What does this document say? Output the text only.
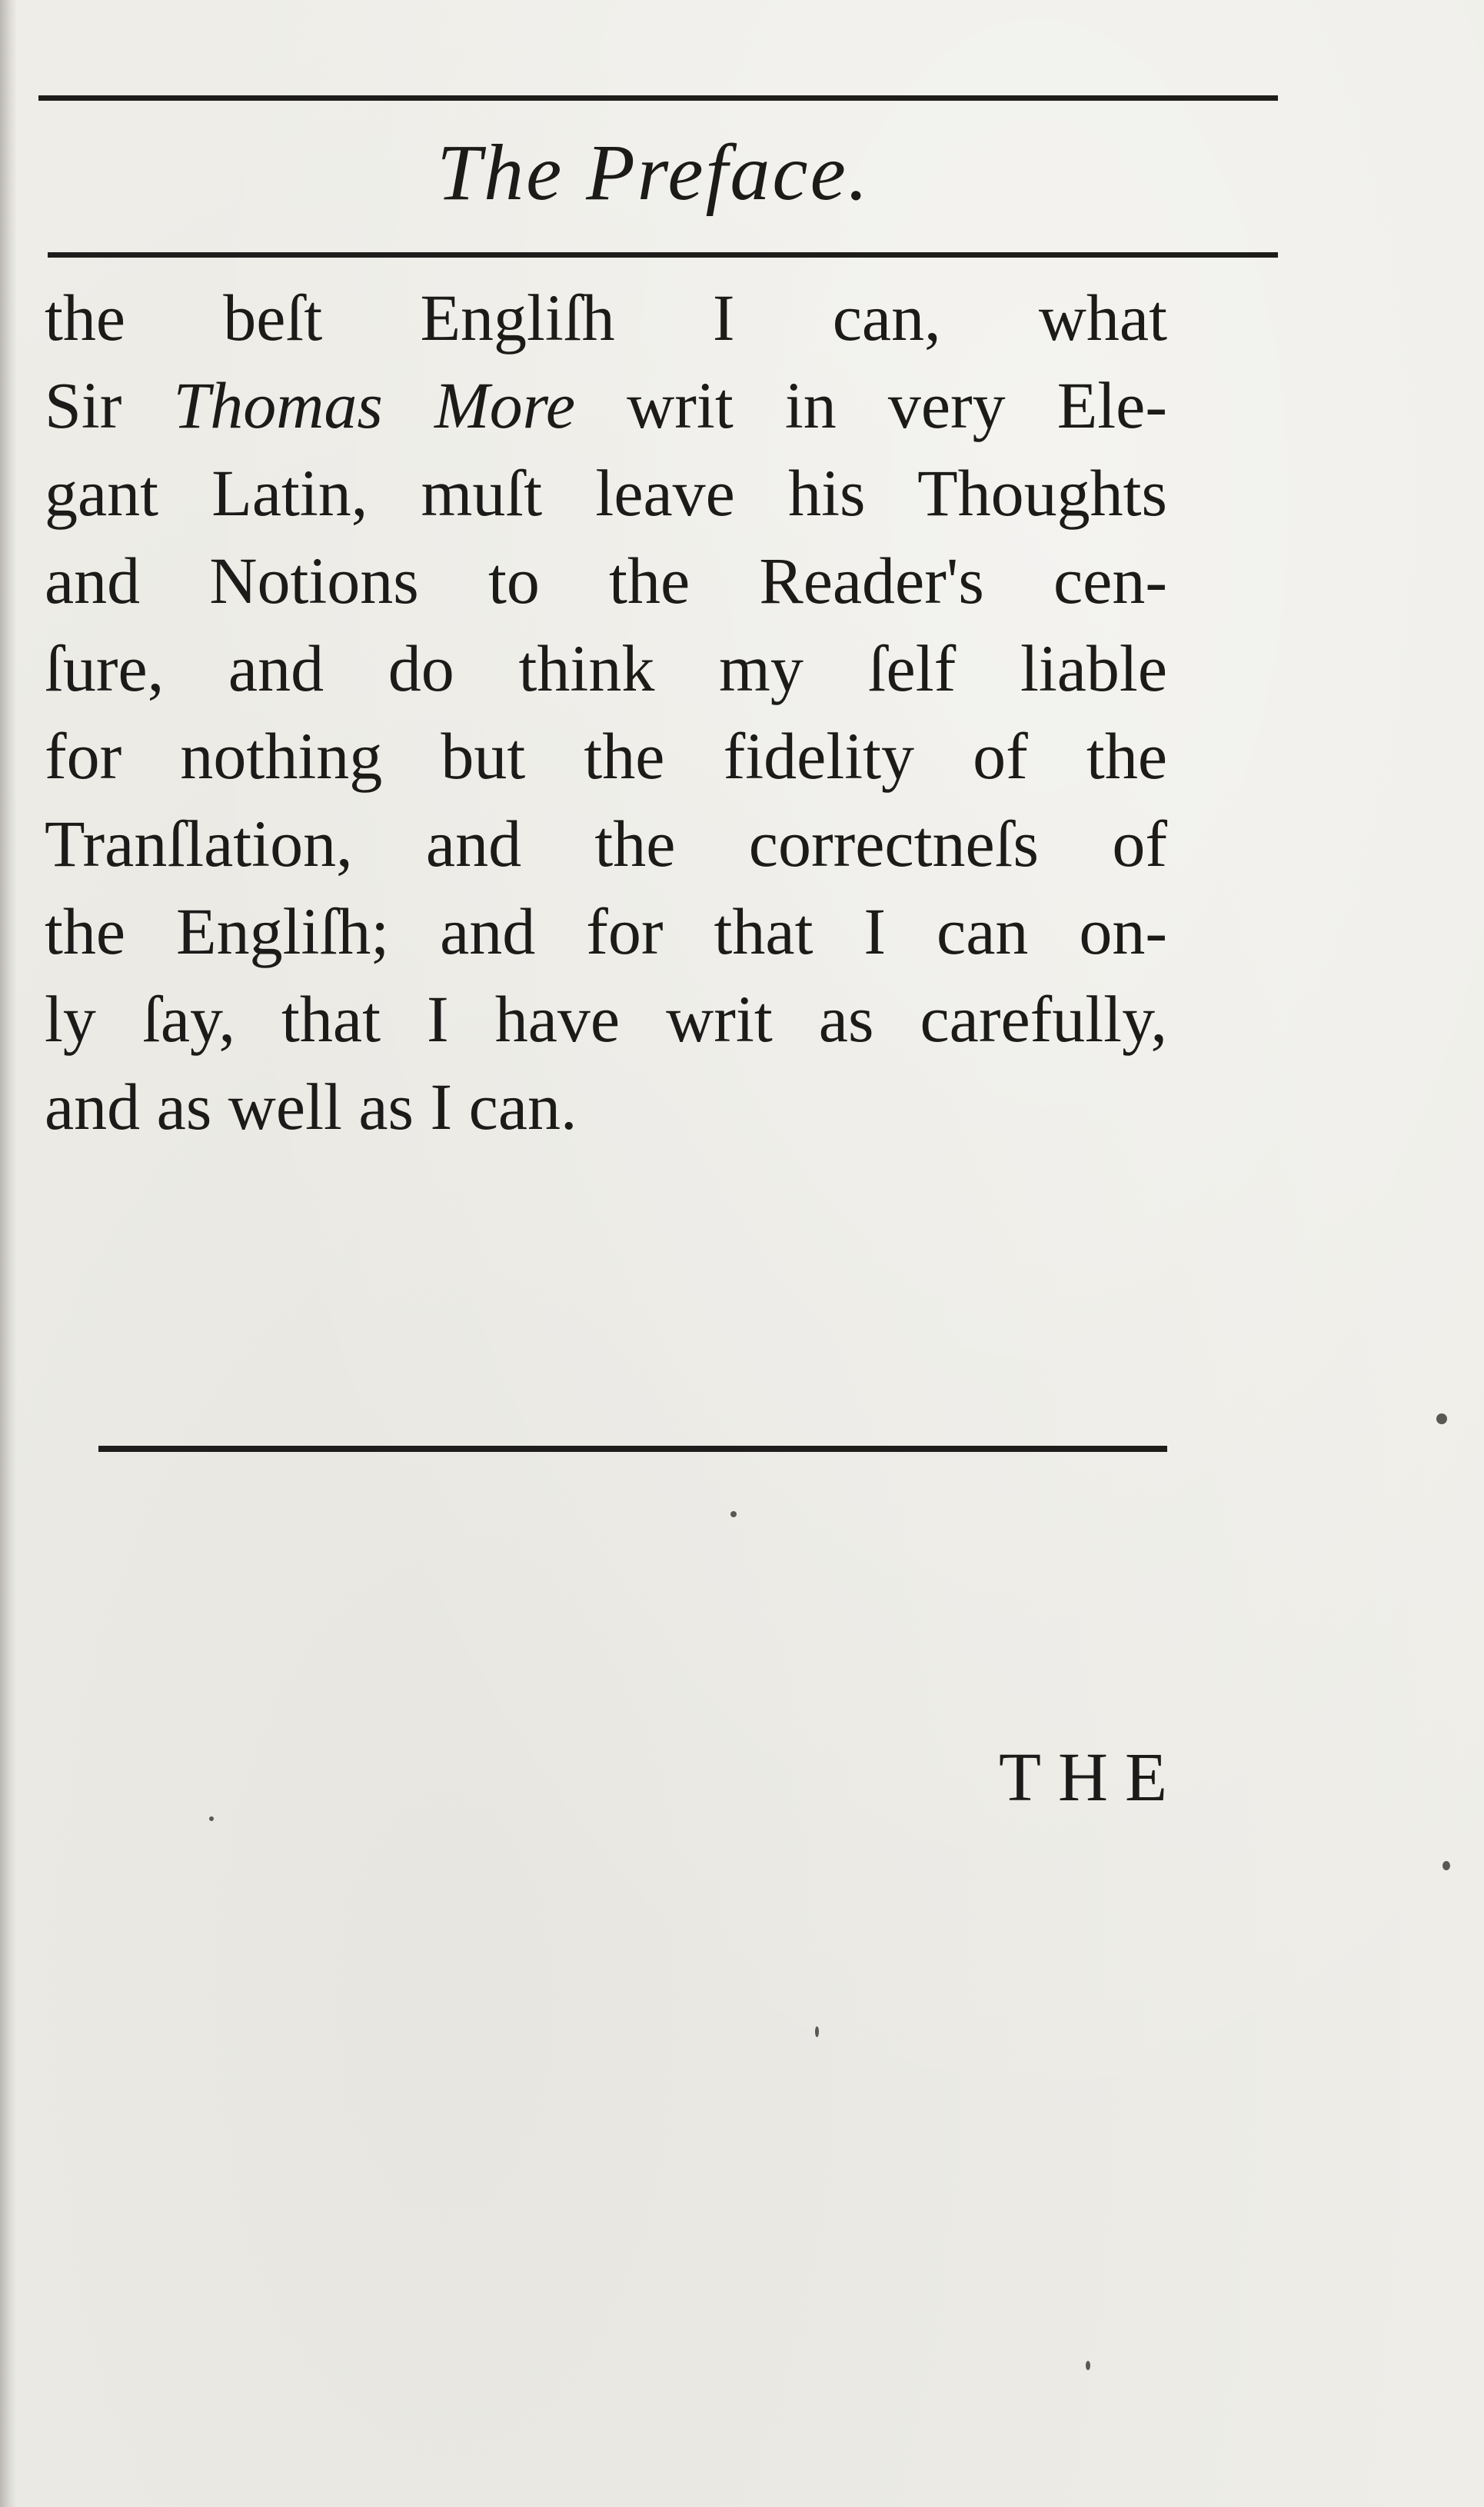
The Preface.
the beſt Engliſh I can, what
Sir Thomas More writ in very Ele-
gant Latin, muſt leave his Thoughts
and Notions to the Reader's cen-
ſure, and do think my ſelf liable
for nothing but the fidelity of the
Tranſlation, and the correctneſs of
the Engliſh; and for that I can on-
ly ſay, that I have writ as carefully,
and as well as I can.
THE
